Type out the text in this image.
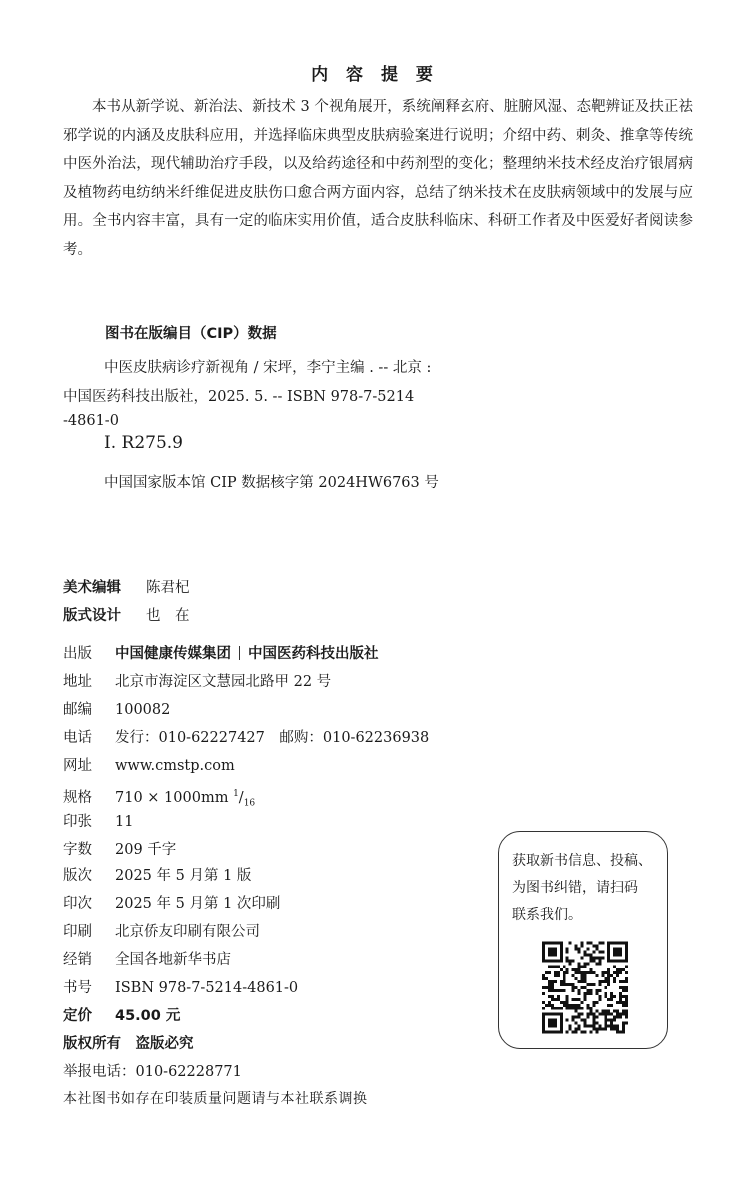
内 容 提 要
本书从新学说、新治法、新技术 3 个视角展开，系统阐释玄府、脏腑风湿、态靶辨证及扶正祛邪学说的内涵及皮肤科应用，并选择临床典型皮肤病验案进行说明；介绍中药、刺灸、推拿等传统中医外治法，现代辅助治疗手段，以及给药途径和中药剂型的变化；整理纳米技术经皮治疗银屑病及植物药电纺纳米纤维促进皮肤伤口愈合两方面内容，总结了纳米技术在皮肤病领域中的发展与应用。全书内容丰富，具有一定的临床实用价值，适合皮肤科临床、科研工作者及中医爱好者阅读参考。
图书在版编目（CIP）数据
中医皮肤病诊疗新视角 / 宋坪，李宁主编 . -- 北京 :
中国医药科技出版社，2025. 5. -- ISBN 978-7-5214
-4861-0
Ⅰ. R275.9
中国国家版本馆 CIP 数据核字第 2024HW6763 号
美术编辑 陈君杞
版式设计 也　在
出版 中国健康传媒集团 中国医药科技出版社
地址 北京市海淀区文慧园北路甲 22 号
邮编 100082
电话 发行：010-62227427　邮购：010-62236938
网址 www.cmstp.com
规格 710 × 1000mm $^1/_{16}$
印张 11
字数 209 千字
版次 2025 年 5 月第 1 版
印次 2025 年 5 月第 1 次印刷
印刷 北京侨友印刷有限公司
经销 全国各地新华书店
书号 ISBN 978-7-5214-4861-0
定价 45.00 元
版权所有　盗版必究
举报电话：010-62228771
本社图书如存在印装质量问题请与本社联系调换
获取新书信息、投稿、
为图书纠错，请扫码
联系我们。
